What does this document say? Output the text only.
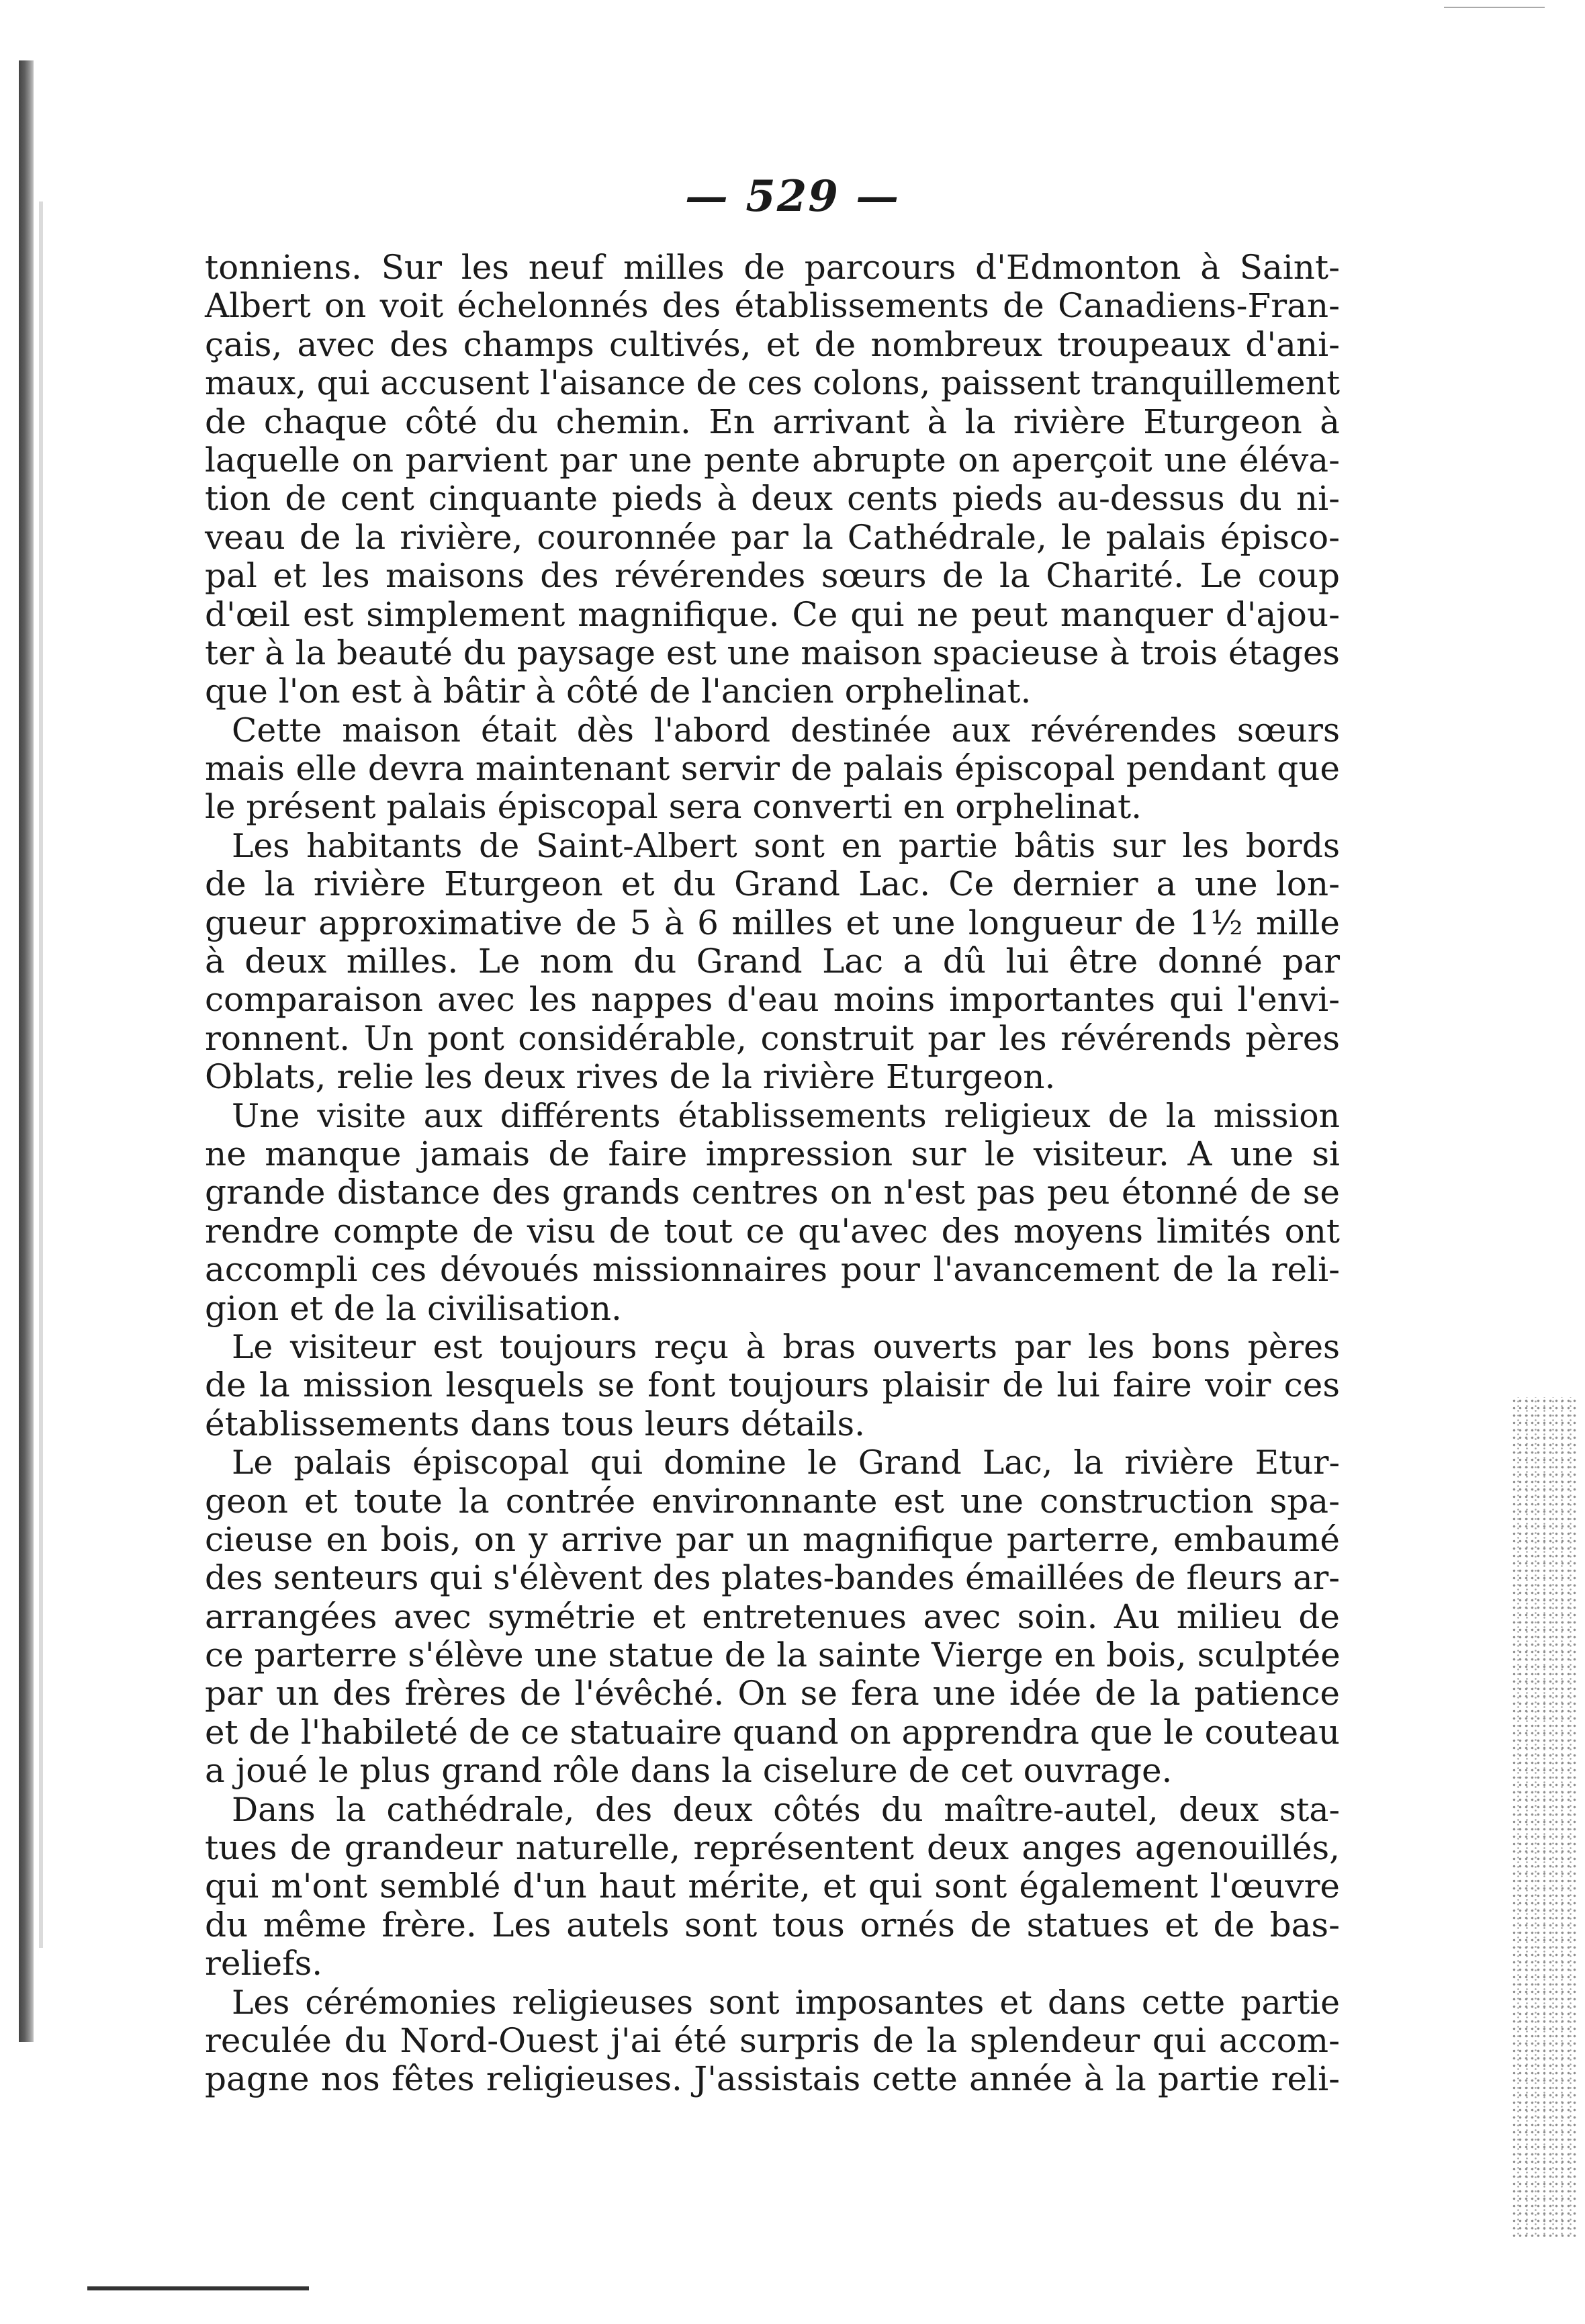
— 529 —
tonniens. Sur les neuf milles de parcours d'Edmonton à Saint-
Albert on voit échelonnés des établissements de Canadiens-Fran-
çais, avec des champs cultivés, et de nombreux troupeaux d'ani-
maux, qui accusent l'aisance de ces colons, paissent tranquillement
de chaque côté du chemin. En arrivant à la rivière Eturgeon à
laquelle on parvient par une pente abrupte on aperçoit une éléva-
tion de cent cinquante pieds à deux cents pieds au-dessus du ni-
veau de la rivière, couronnée par la Cathédrale, le palais épisco-
pal et les maisons des révérendes sœurs de la Charité. Le coup
d'œil est simplement magnifique. Ce qui ne peut manquer d'ajou-
ter à la beauté du paysage est une maison spacieuse à trois étages
que l'on est à bâtir à côté de l'ancien orphelinat.
Cette maison était dès l'abord destinée aux révérendes sœurs
mais elle devra maintenant servir de palais épiscopal pendant que
le présent palais épiscopal sera converti en orphelinat.
Les habitants de Saint-Albert sont en partie bâtis sur les bords
de la rivière Eturgeon et du Grand Lac. Ce dernier a une lon-
gueur approximative de 5 à 6 milles et une longueur de 1½ mille
à deux milles. Le nom du Grand Lac a dû lui être donné par
comparaison avec les nappes d'eau moins importantes qui l'envi-
ronnent. Un pont considérable, construit par les révérends pères
Oblats, relie les deux rives de la rivière Eturgeon.
Une visite aux différents établissements religieux de la mission
ne manque jamais de faire impression sur le visiteur. A une si
grande distance des grands centres on n'est pas peu étonné de se
rendre compte de visu de tout ce qu'avec des moyens limités ont
accompli ces dévoués missionnaires pour l'avancement de la reli-
gion et de la civilisation.
Le visiteur est toujours reçu à bras ouverts par les bons pères
de la mission lesquels se font toujours plaisir de lui faire voir ces
établissements dans tous leurs détails.
Le palais épiscopal qui domine le Grand Lac, la rivière Etur-
geon et toute la contrée environnante est une construction spa-
cieuse en bois, on y arrive par un magnifique parterre, embaumé
des senteurs qui s'élèvent des plates-bandes émaillées de fleurs ar-
arrangées avec symétrie et entretenues avec soin. Au milieu de
ce parterre s'élève une statue de la sainte Vierge en bois, sculptée
par un des frères de l'évêché. On se fera une idée de la patience
et de l'habileté de ce statuaire quand on apprendra que le couteau
a joué le plus grand rôle dans la ciselure de cet ouvrage.
Dans la cathédrale, des deux côtés du maître-autel, deux sta-
tues de grandeur naturelle, représentent deux anges agenouillés,
qui m'ont semblé d'un haut mérite, et qui sont également l'œuvre
du même frère. Les autels sont tous ornés de statues et de bas-
reliefs.
Les cérémonies religieuses sont imposantes et dans cette partie
reculée du Nord-Ouest j'ai été surpris de la splendeur qui accom-
pagne nos fêtes religieuses. J'assistais cette année à la partie reli-
